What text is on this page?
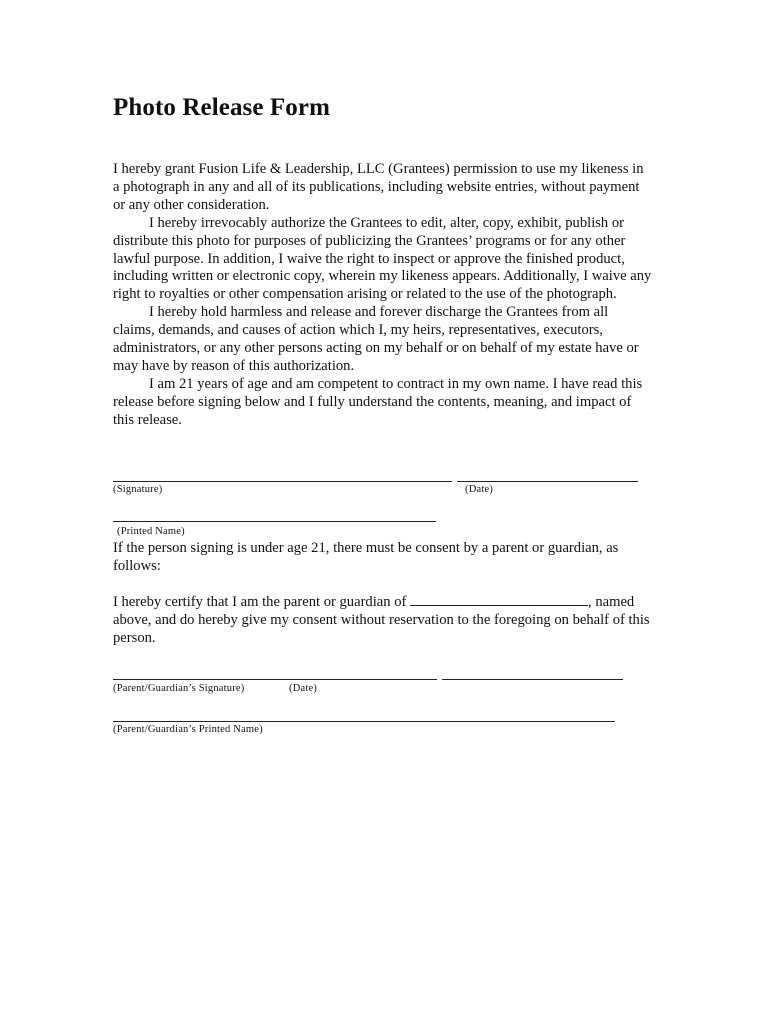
Photo Release Form

I hereby grant Fusion Life & Leadership, LLC (Grantees) permission to use my likeness in a photograph in any and all of its publications, including website entries, without payment or any other consideration.

I hereby irrevocably authorize the Grantees to edit, alter, copy, exhibit, publish or distribute this photo for purposes of publicizing the Grantees’ programs or for any other lawful purpose. In addition, I waive the right to inspect or approve the finished product, including written or electronic copy, wherein my likeness appears. Additionally, I waive any right to royalties or other compensation arising or related to the use of the photograph.

I hereby hold harmless and release and forever discharge the Grantees from all claims, demands, and causes of action which I, my heirs, representatives, executors, administrators, or any other persons acting on my behalf or on behalf of my estate have or may have by reason of this authorization.

I am 21 years of age and am competent to contract in my own name. I have read this release before signing below and I fully understand the contents, meaning, and impact of this release.

(Signature)	(Date)
(Printed Name)
If the person signing is under age 21, there must be consent by a parent or guardian, as follows:

I hereby certify that I am the parent or guardian of	, named above, and do hereby give my consent without reservation to the foregoing on behalf of this person.

(Parent/Guardian’s Signature)	(Date)
(Parent/Guardian’s Printed Name)
